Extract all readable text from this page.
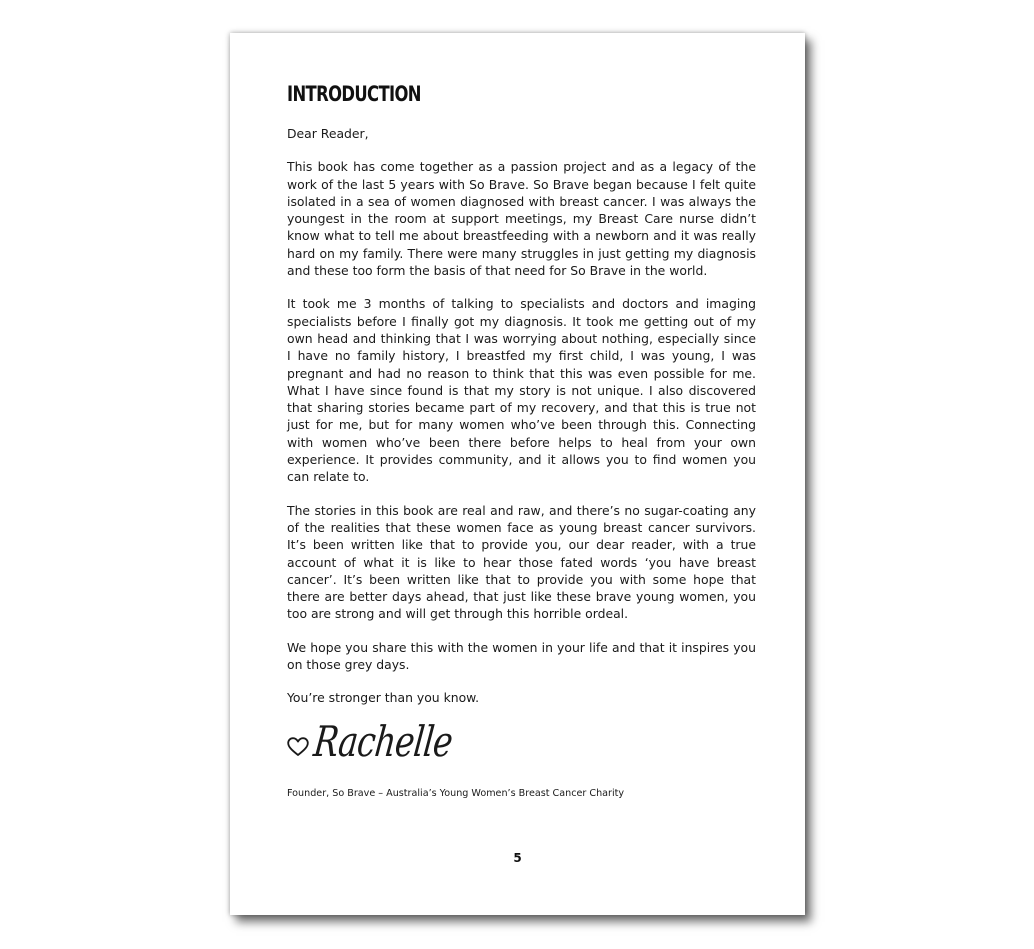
INTRODUCTION

Dear Reader,

This book has come together as a passion project and as a legacy of the work of the last 5 years with So Brave. So Brave began because I felt quite isolated in a sea of women diagnosed with breast cancer. I was always the youngest in the room at support meetings, my Breast Care nurse didn’t know what to tell me about breastfeeding with a newborn and it was really hard on my family. There were many struggles in just getting my diagnosis and these too form the basis of that need for So Brave in the world.

It took me 3 months of talking to specialists and doctors and imaging specialists before I finally got my diagnosis. It took me getting out of my own head and thinking that I was worrying about nothing, especially since I have no family history, I breastfed my first child, I was young, I was pregnant and had no reason to think that this was even possible for me. What I have since found is that my story is not unique. I also discovered that sharing stories became part of my recovery, and that this is true not just for me, but for many women who’ve been through this. Connecting with women who’ve been there before helps to heal from your own experience. It provides community, and it allows you to find women you can relate to.

The stories in this book are real and raw, and there’s no sugar-coating any of the realities that these women face as young breast cancer survivors. It’s been written like that to provide you, our dear reader, with a true account of what it is like to hear those fated words ‘you have breast cancer’. It’s been written like that to provide you with some hope that there are better days ahead, that just like these brave young women, you too are strong and will get through this horrible ordeal.

We hope you share this with the women in your life and that it inspires you on those grey days.

You’re stronger than you know.

Rachelle
Founder, So Brave – Australia’s Young Women’s Breast Cancer Charity
5
